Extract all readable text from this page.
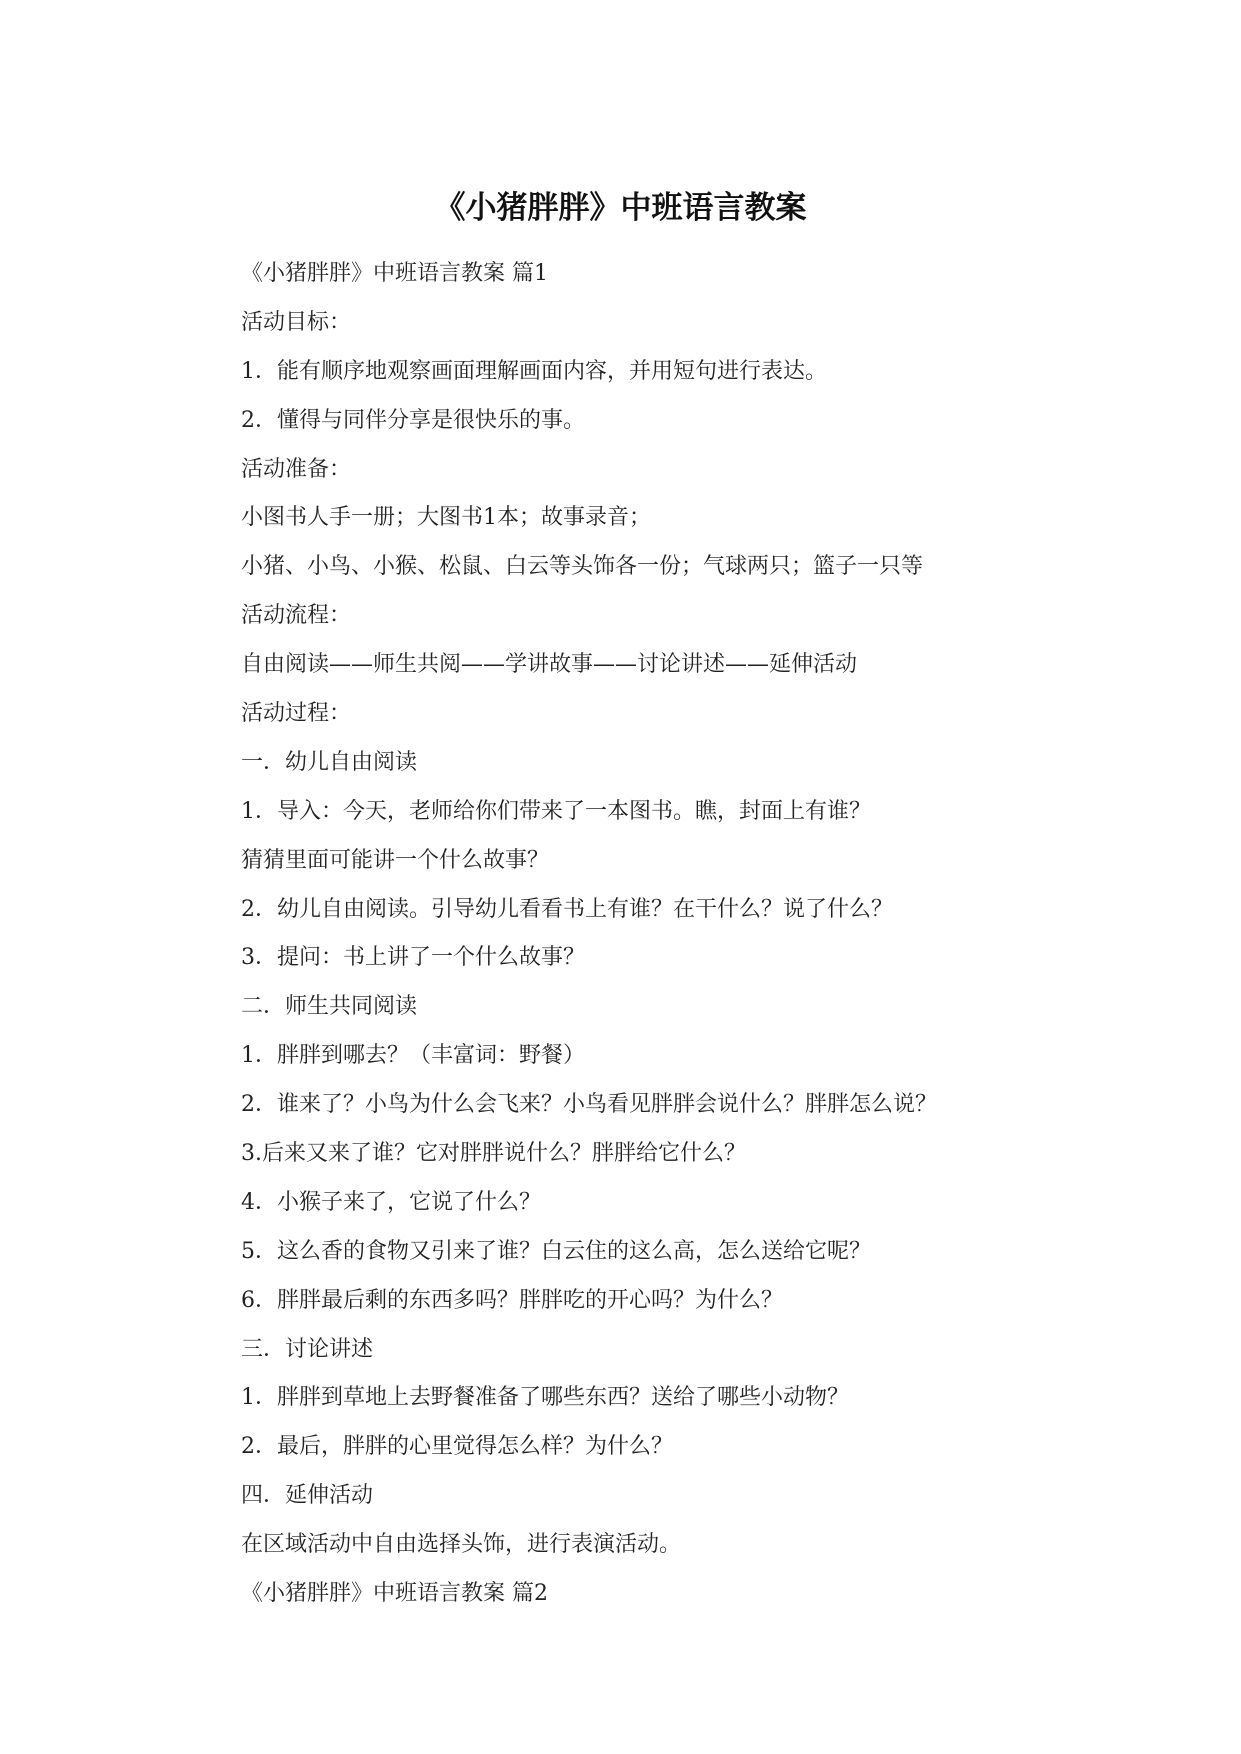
《小猪胖胖》中班语言教案

《小猪胖胖》中班语言教案 篇1

活动目标：

1．能有顺序地观察画面理解画面内容，并用短句进行表达。

2．懂得与同伴分享是很快乐的事。

活动准备：

小图书人手一册；大图书1本；故事录音；

小猪、小鸟、小猴、松鼠、白云等头饰各一份；气球两只；篮子一只等

活动流程：

自由阅读——师生共阅——学讲故事——讨论讲述——延伸活动

活动过程：

一．幼儿自由阅读

1．导入：今天，老师给你们带来了一本图书。瞧，封面上有谁？

猜猜里面可能讲一个什么故事？

2．幼儿自由阅读。引导幼儿看看书上有谁？在干什么？说了什么？

3．提问：书上讲了一个什么故事？

二．师生共同阅读

1．胖胖到哪去？（丰富词：野餐）

2．谁来了？小鸟为什么会飞来？小鸟看见胖胖会说什么？胖胖怎么说？

3.后来又来了谁？它对胖胖说什么？胖胖给它什么？

4．小猴子来了，它说了什么？

5．这么香的食物又引来了谁？白云住的这么高，怎么送给它呢？

6．胖胖最后剩的东西多吗？胖胖吃的开心吗？为什么？

三．讨论讲述

1．胖胖到草地上去野餐准备了哪些东西？送给了哪些小动物？

2．最后，胖胖的心里觉得怎么样？为什么？

四．延伸活动

在区域活动中自由选择头饰，进行表演活动。

《小猪胖胖》中班语言教案 篇2
